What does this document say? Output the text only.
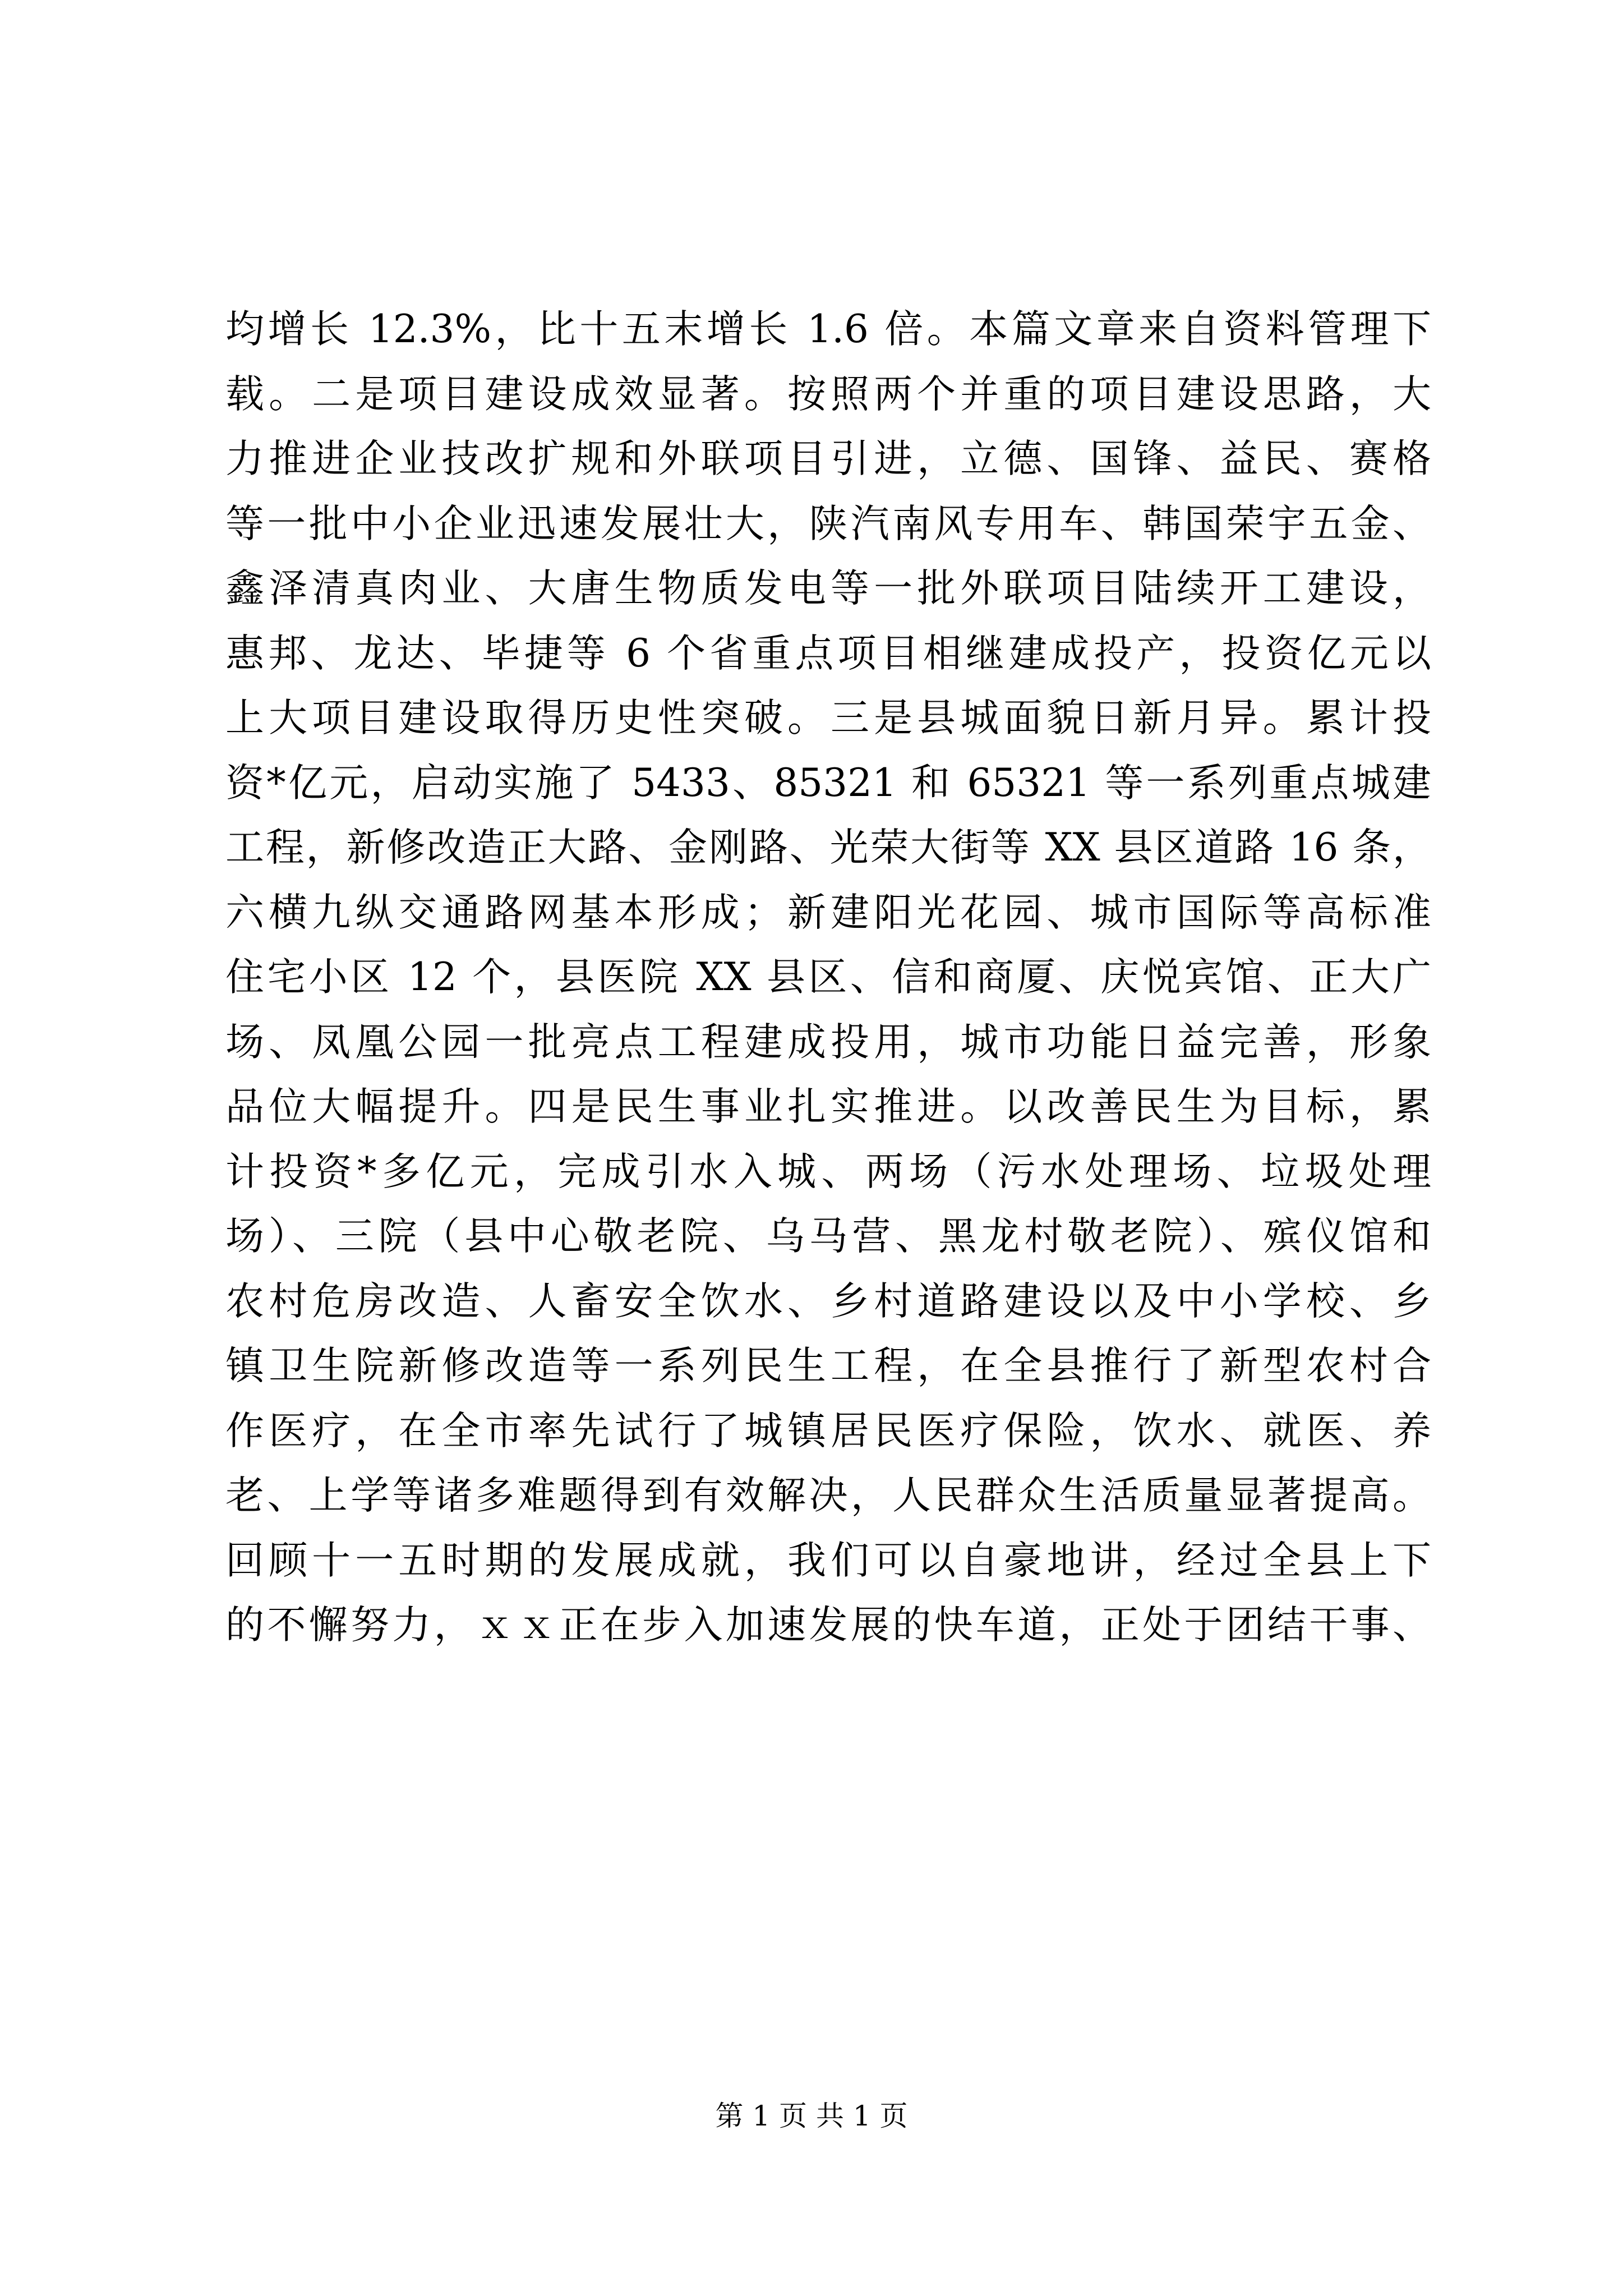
均增长 12.3%，比十五末增长 1.6 倍。本篇文章来自资料管理下
载。二是项目建设成效显著。按照两个并重的项目建设思路，大
力推进企业技改扩规和外联项目引进，立德、国锋、益民、赛格
等一批中小企业迅速发展壮大，陕汽南风专用车、韩国荣宇五金、
鑫泽清真肉业、大唐生物质发电等一批外联项目陆续开工建设，
惠邦、龙达、毕捷等 6 个省重点项目相继建成投产，投资亿元以
上大项目建设取得历史性突破。三是县城面貌日新月异。累计投
资*亿元，启动实施了 5433、85321 和 65321 等一系列重点城建
工程，新修改造正大路、金刚路、光荣大街等 XX 县区道路 16 条，
六横九纵交通路网基本形成；新建阳光花园、城市国际等高标准
住宅小区 12 个，县医院 XX 县区、信和商厦、庆悦宾馆、正大广
场、凤凰公园一批亮点工程建成投用，城市功能日益完善，形象
品位大幅提升。四是民生事业扎实推进。以改善民生为目标，累
计投资*多亿元，完成引水入城、两场（污水处理场、垃圾处理
场）、三院（县中心敬老院、乌马营、黑龙村敬老院）、殡仪馆和
农村危房改造、人畜安全饮水、乡村道路建设以及中小学校、乡
镇卫生院新修改造等一系列民生工程，在全县推行了新型农村合
作医疗，在全市率先试行了城镇居民医疗保险，饮水、就医、养
老、上学等诸多难题得到有效解决，人民群众生活质量显著提高。
回顾十一五时期的发展成就，我们可以自豪地讲，经过全县上下
的不懈努力，ｘｘ正在步入加速发展的快车道，正处于团结干事、
第 1 页 共 1 页
